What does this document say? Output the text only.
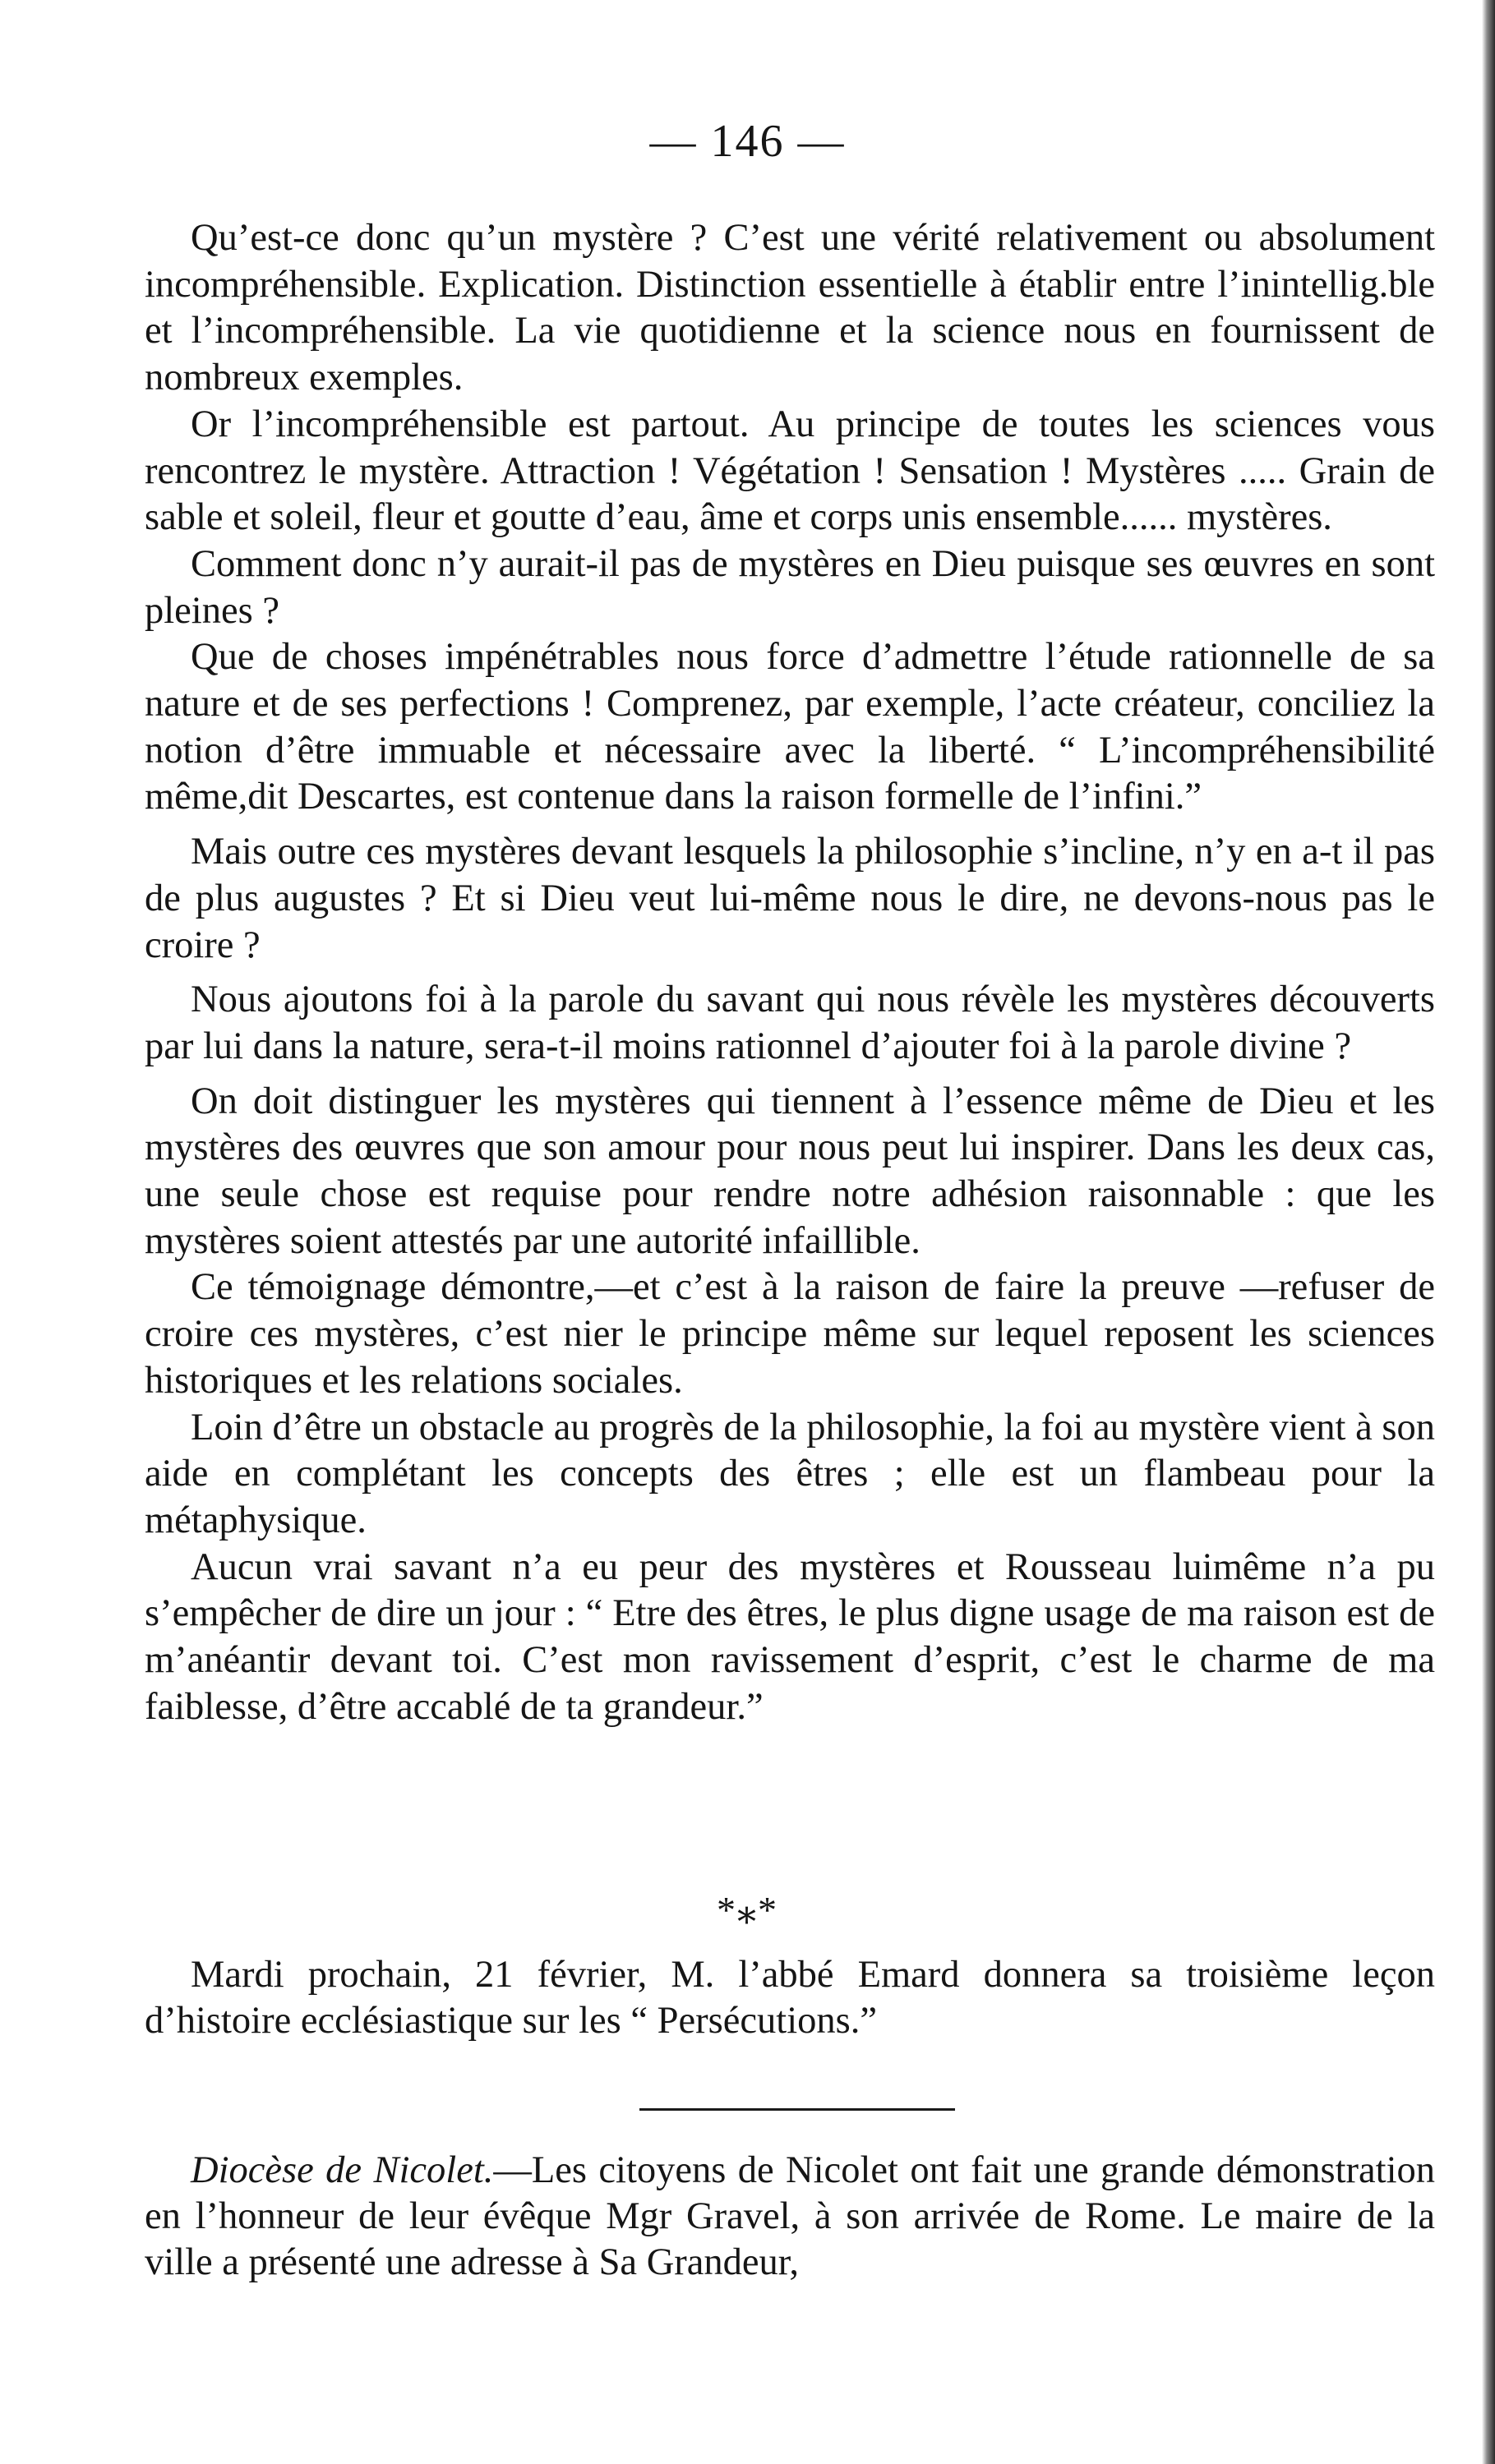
— 146 —

Qu’est-ce donc qu’un mystère ? C’est une vérité relativement ou absolument incompréhensible. Explication. Distinction essentielle à établir entre l’inintellig.ble et l’incompréhensible. La vie quotidienne et la science nous en fournissent de nombreux exemples.

Or l’incompréhensible est partout. Au principe de toutes les sciences vous rencontrez le mystère. Attraction ! Végétation ! Sensation ! Mystères ..... Grain de sable et soleil, fleur et goutte d’eau, âme et corps unis ensemble...... mystères.

Comment donc n’y aurait-il pas de mystères en Dieu puisque ses œuvres en sont pleines ?

Que de choses impénétrables nous force d’admettre l’étude rationnelle de sa nature et de ses perfections ! Comprenez, par exemple, l’acte créateur, conciliez la notion d’être immuable et nécessaire avec la liberté. “ L’incompréhensibilité même,dit Descartes, est contenue dans la raison formelle de l’infini.”

Mais outre ces mystères devant lesquels la philosophie s’incline, n’y en a-t il pas de plus augustes ? Et si Dieu veut lui-même nous le dire, ne devons-nous pas le croire ?

Nous ajoutons foi à la parole du savant qui nous révèle les mystères découverts par lui dans la nature, sera-t-il moins rationnel d’ajouter foi à la parole divine ?

On doit distinguer les mystères qui tiennent à l’essence même de Dieu et les mystères des œuvres que son amour pour nous peut lui inspirer. Dans les deux cas, une seule chose est requise pour rendre notre adhésion raisonnable : que les mystères soient attestés par une autorité infaillible.

Ce témoignage démontre,—et c’est à la raison de faire la preuve —refuser de croire ces mystères, c’est nier le principe même sur lequel reposent les sciences historiques et les relations sociales.

Loin d’être un obstacle au progrès de la philosophie, la foi au mystère vient à son aide en complétant les concepts des êtres ; elle est un flambeau pour la métaphysique.

Aucun vrai savant n’a eu peur des mystères et Rousseau luimême n’a pu s’empêcher de dire un jour : “ Etre des êtres, le plus digne usage de ma raison est de m’anéantir devant toi. C’est mon ravissement d’esprit, c’est le charme de ma faiblesse, d’être accablé de ta grandeur.”

*⁎*

Mardi prochain, 21 février, M. l’abbé Emard donnera sa troisième leçon d’histoire ecclésiastique sur les “ Persécutions.”

Diocèse de Nicolet.—Les citoyens de Nicolet ont fait une grande démonstration en l’honneur de leur évêque Mgr Gravel, à son arrivée de Rome. Le maire de la ville a présenté une adresse à Sa Grandeur,
